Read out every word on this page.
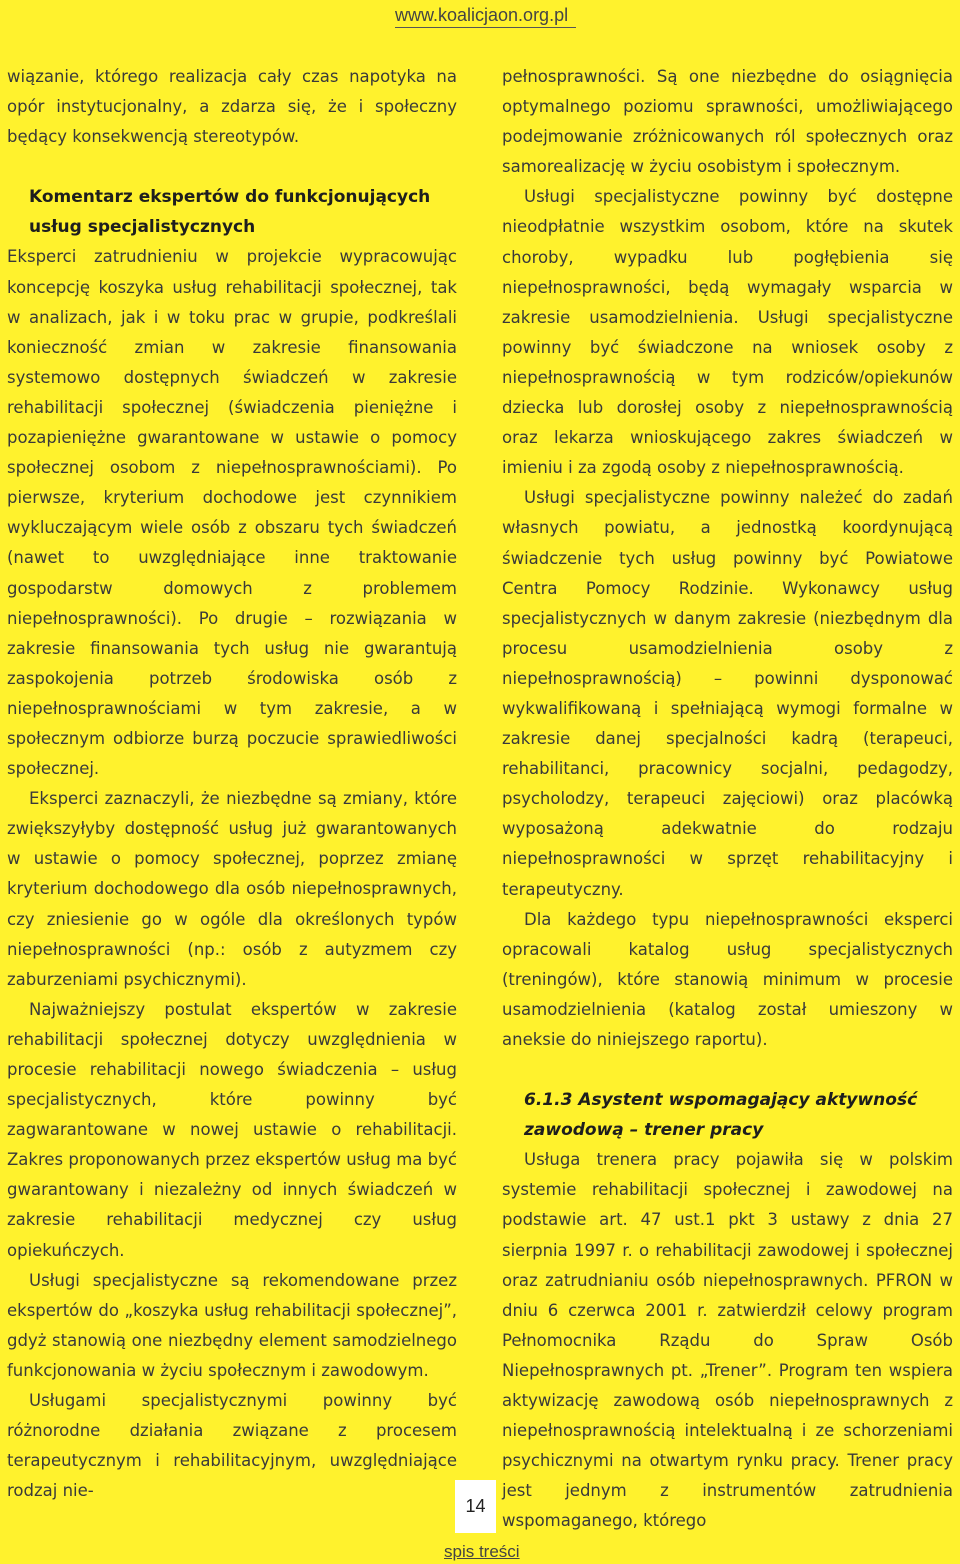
www.koalicjaon.org.pl

wiązanie, którego realizacja cały czas napotyka na opór instytucjonalny, a zdarza się, że i społeczny będący konsekwencją stereotypów.

Komentarz ekspertów do funkcjonujących usług specjalistycznych

Eksperci zatrudnieniu w projekcie wypracowując koncepcję koszyka usług rehabilitacji społecznej, tak w analizach, jak i w toku prac w grupie, podkreślali konieczność zmian w zakresie finansowania systemowo dostępnych świadczeń w zakresie rehabilitacji społecznej (świadczenia pieniężne i pozapieniężne gwarantowane w ustawie o pomocy społecznej osobom z niepełnosprawnościami). Po pierwsze, kryterium dochodowe jest czynnikiem wykluczającym wiele osób z obszaru tych świadczeń (nawet to uwzględniające inne traktowanie gospodarstw domowych z problemem niepełnosprawności). Po drugie – rozwiązania w zakresie finansowania tych usług nie gwarantują zaspokojenia potrzeb środowiska osób z niepełnosprawnościami w tym zakresie, a w społecznym odbiorze burzą poczucie sprawiedliwości społecznej.

Eksperci zaznaczyli, że niezbędne są zmiany, które zwiększyłyby dostępność usług już gwarantowanych w ustawie o pomocy społecznej, poprzez zmianę kryterium dochodowego dla osób niepełnosprawnych, czy zniesienie go w ogóle dla określonych typów niepełnosprawności (np.: osób z autyzmem czy zaburzeniami psychicznymi).

Najważniejszy postulat ekspertów w zakresie rehabilitacji społecznej dotyczy uwzględnienia w procesie rehabilitacji nowego świadczenia – usług specjalistycznych, które powinny być zagwarantowane w nowej ustawie o rehabilitacji. Zakres proponowanych przez ekspertów usług ma być gwarantowany i niezależny od innych świadczeń w zakresie rehabilitacji medycznej czy usług opiekuńczych.

Usługi specjalistyczne są rekomendowane przez ekspertów do „koszyka usług rehabilitacji społecznej”, gdyż stanowią one niezbędny element samodzielnego funkcjonowania w życiu społecznym i zawodowym.

Usługami specjalistycznymi powinny być różnorodne działania związane z procesem terapeutycznym i rehabilitacyjnym, uwzględniające rodzaj nie-

pełnosprawności. Są one niezbędne do osiągnięcia optymalnego poziomu sprawności, umożliwiającego podejmowanie zróżnicowanych ról społecznych oraz samorealizację w życiu osobistym i społecznym.

Usługi specjalistyczne powinny być dostępne nieodpłatnie wszystkim osobom, które na skutek choroby, wypadku lub pogłębienia się niepełnosprawności, będą wymagały wsparcia w zakresie usamodzielnienia. Usługi specjalistyczne powinny być świadczone na wniosek osoby z niepełnosprawnością w tym rodziców/opiekunów dziecka lub dorosłej osoby z niepełnosprawnością oraz lekarza wnioskującego zakres świadczeń w imieniu i za zgodą osoby z niepełnosprawnością.

Usługi specjalistyczne powinny należeć do zadań własnych powiatu, a jednostką koordynującą świadczenie tych usług powinny być Powiatowe Centra Pomocy Rodzinie. Wykonawcy usług specjalistycznych w danym zakresie (niezbędnym dla procesu usamodzielnienia osoby z niepełnosprawnością) – powinni dysponować wykwalifikowaną i spełniającą wymogi formalne w zakresie danej specjalności kadrą (terapeuci, rehabilitanci, pracownicy socjalni, pedagodzy, psycholodzy, terapeuci zajęciowi) oraz placówką wyposażoną adekwatnie do rodzaju niepełnosprawności w sprzęt rehabilitacyjny i terapeutyczny.

Dla każdego typu niepełnosprawności eksperci opracowali katalog usług specjalistycznych (treningów), które stanowią minimum w procesie usamodzielnienia (katalog został umieszony w aneksie do niniejszego raportu).

6.1.3 Asystent wspomagający aktywność zawodową – trener pracy

Usługa trenera pracy pojawiła się w polskim systemie rehabilitacji społecznej i zawodowej na podstawie art. 47 ust.1 pkt 3 ustawy z dnia 27 sierpnia 1997 r. o rehabilitacji zawodowej i społecznej oraz zatrudnianiu osób niepełnosprawnych. PFRON w dniu 6 czerwca 2001 r. zatwierdził celowy program Pełnomocnika Rządu do Spraw Osób Niepełnosprawnych pt. „Trener”. Program ten wspiera aktywizację zawodową osób niepełnosprawnych z niepełnosprawnością intelektualną i ze schorzeniami psychicznymi na otwartym rynku pracy. Trener pracy jest jednym z instrumentów zatrudnienia wspomaganego, którego

14
spis treści
